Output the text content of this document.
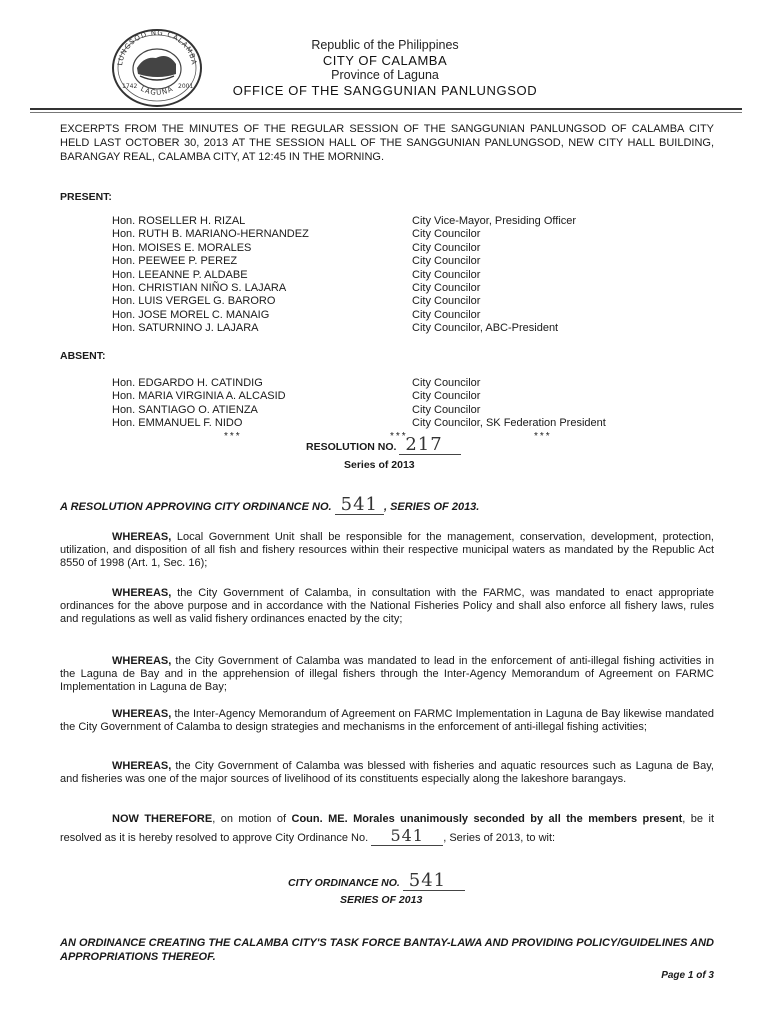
LUNGSOD NG CALAMBA
LAGUNA
1742	2001
Republic of the Philippines
CITY OF CALAMBA
Province of Laguna
OFFICE OF THE SANGGUNIAN PANLUNGSOD
EXCERPTS FROM THE MINUTES OF THE REGULAR SESSION OF THE SANGGUNIAN PANLUNGSOD OF CALAMBA CITY HELD LAST OCTOBER 30, 2013 AT THE SESSION HALL OF THE SANGGUNIAN PANLUNGSOD, NEW CITY HALL BUILDING, BARANGAY REAL, CALAMBA CITY, AT 12:45 IN THE MORNING.
PRESENT:
Hon. ROSELLER H. RIZAL	City Vice-Mayor, Presiding Officer
Hon. RUTH B. MARIANO-HERNANDEZ	City Councilor
Hon. MOISES E. MORALES	City Councilor
Hon. PEEWEE P. PEREZ	City Councilor
Hon. LEEANNE P. ALDABE	City Councilor
Hon. CHRISTIAN NIÑO S. LAJARA	City Councilor
Hon. LUIS VERGEL G. BARORO	City Councilor
Hon. JOSE MOREL C. MANAIG	City Councilor
Hon. SATURNINO J. LAJARA	City Councilor, ABC-President
ABSENT:
Hon. EDGARDO H. CATINDIG	City Councilor
Hon. MARIA VIRGINIA A. ALCASID	City Councilor
Hon. SANTIAGO O. ATIENZA	City Councilor
Hon. EMMANUEL F. NIDO	City Councilor, SK Federation President
***	***	***
RESOLUTION NO. 217
Series of 2013
A RESOLUTION APPROVING CITY ORDINANCE NO. 541 , SERIES OF 2013.
WHEREAS, Local Government Unit shall be responsible for the management, conservation, development, protection, utilization, and disposition of all fish and fishery resources within their respective municipal waters as mandated by the Republic Act 8550 of 1998 (Art. 1, Sec. 16);
WHEREAS, the City Government of Calamba, in consultation with the FARMC, was mandated to enact appropriate ordinances for the above purpose and in accordance with the National Fisheries Policy and shall also enforce all fishery laws, rules and regulations as well as valid fishery ordinances enacted by the city;
WHEREAS, the City Government of Calamba was mandated to lead in the enforcement of anti-illegal fishing activities in the Laguna de Bay and in the apprehension of illegal fishers through the Inter-Agency Memorandum of Agreement on FARMC Implementation in Laguna de Bay;
WHEREAS, the Inter-Agency Memorandum of Agreement on FARMC Implementation in Laguna de Bay likewise mandated the City Government of Calamba to design strategies and mechanisms in the enforcement of anti-illegal fishing activities;
WHEREAS, the City Government of Calamba was blessed with fisheries and aquatic resources such as Laguna de Bay, and fisheries was one of the major sources of livelihood of its constituents especially along the lakeshore barangays.
NOW THEREFORE, on motion of Coun. ME. Morales unanimously seconded by all the members present, be it resolved as it is hereby resolved to approve City Ordinance No. 541 , Series of 2013, to wit:
CITY ORDINANCE NO. 541
SERIES OF 2013
AN ORDINANCE CREATING THE CALAMBA CITY'S TASK FORCE BANTAY-LAWA AND PROVIDING POLICY/GUIDELINES AND APPROPRIATIONS THEREOF.
Page 1 of 3
